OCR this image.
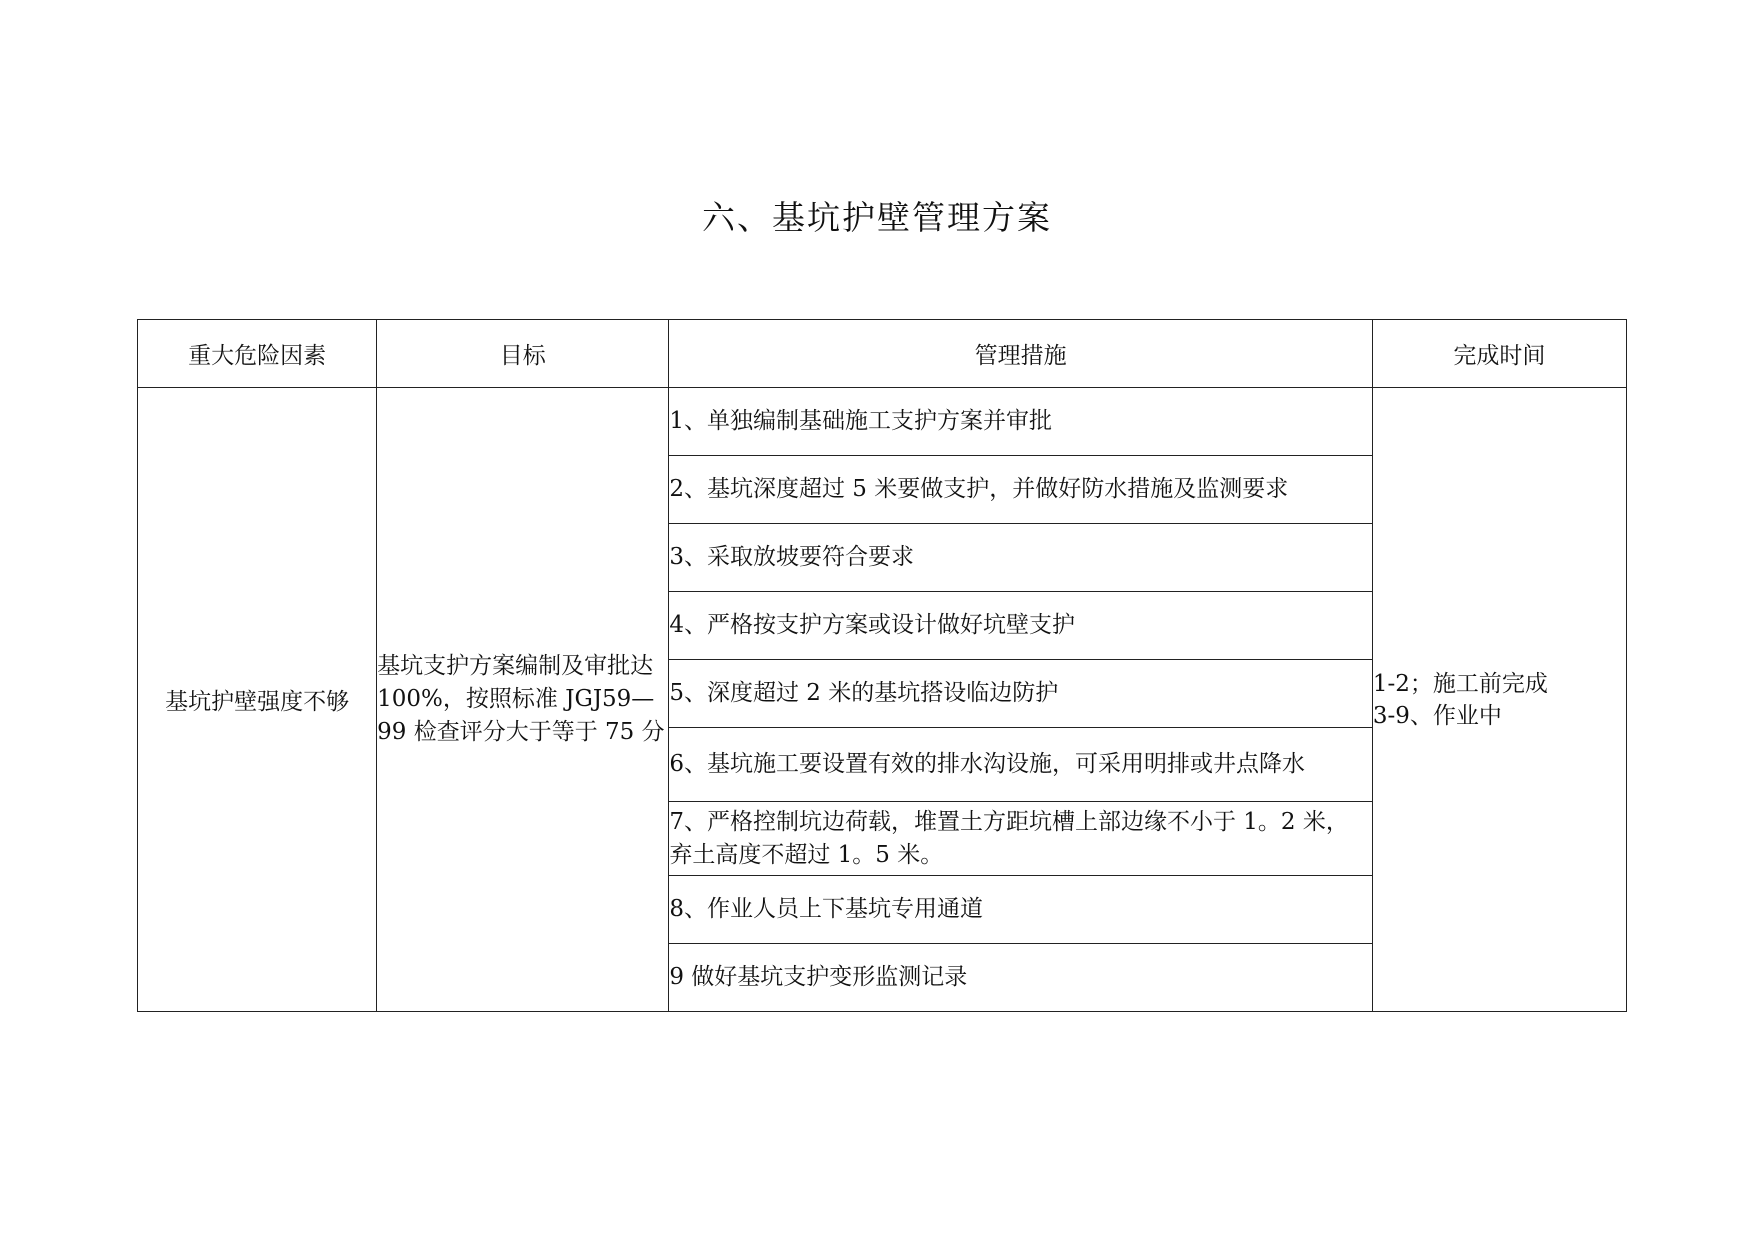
六、基坑护壁管理方案
重大危险因素	目标	管理措施	完成时间
基坑护壁强度不够	基坑支护方案编制及审批达 100%，按照标准 JGJ59—99 检查评分大于等于 75 分	1、单独编制基础施工支护方案并审批	1-2；施工前完成
3-9、作业中

		2、基坑深度超过 5 米要做支护，并做好防水措施及监测要求	
		3、采取放坡要符合要求	
		4、严格按支护方案或设计做好坑壁支护	
		5、深度超过 2 米的基坑搭设临边防护	
		6、基坑施工要设置有效的排水沟设施，可采用明排或井点降水	
		7、严格控制坑边荷载，堆置土方距坑槽上部边缘不小于 1。2 米，弃土高度不超过 1。5 米。	
		8、作业人员上下基坑专用通道	
		9 做好基坑支护变形监测记录	
